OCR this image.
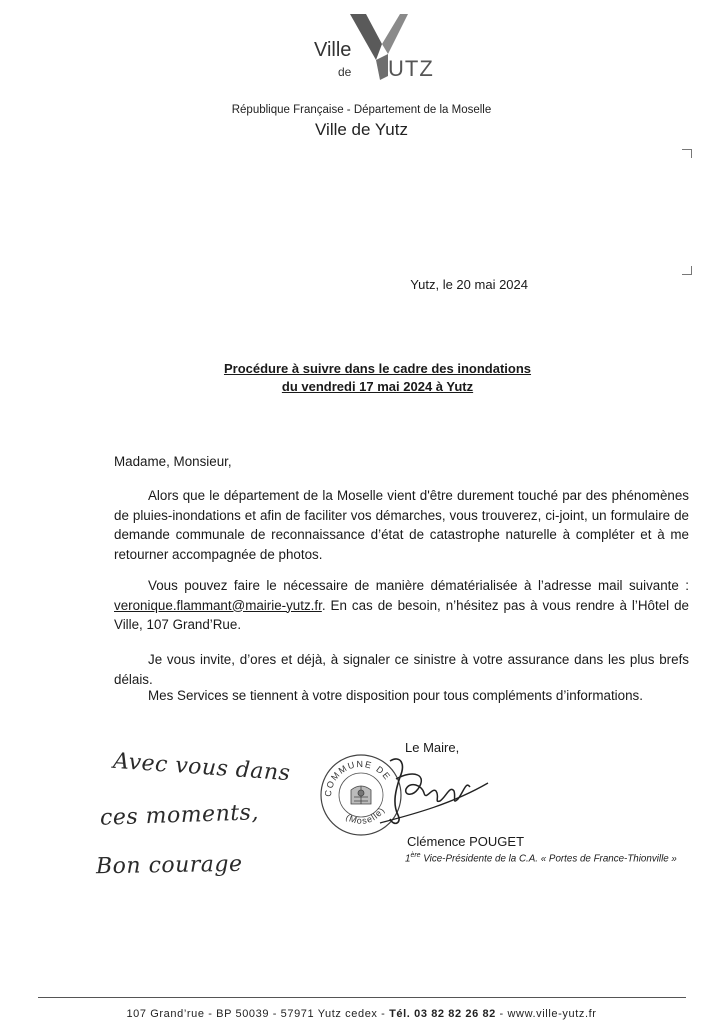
Ville
de UTZ
République Française - Département de la Moselle
Ville de Yutz
Yutz, le 20 mai 2024
Procédure à suivre dans le cadre des inondations
du vendredi 17 mai 2024 à Yutz
Madame, Monsieur,
Alors que le département de la Moselle vient d'être durement touché par des phénomènes de pluies-inondations et afin de faciliter vos démarches, vous trouverez, ci-joint, un formulaire de demande communale de reconnaissance d’état de catastrophe naturelle à compléter et à me retourner accompagnée de photos.
Vous pouvez faire le nécessaire de manière dématérialisée à l’adresse mail suivante : veronique.flammant@mairie-yutz.fr. En cas de besoin, n’hésitez pas à vous rendre à l’Hôtel de Ville, 107 Grand’Rue.
Je vous invite, d’ores et déjà, à signaler ce sinistre à votre assurance dans les plus brefs délais.
Mes Services se tiennent à votre disposition pour tous compléments d’informations.
Avec vous dans
ces moments,
Bon courage
COMMUNE DE
(Moselle)
Le Maire,
Clémence POUGET
1ère Vice-Présidente de la C.A. « Portes de France-Thionville »
107 Grand’rue - BP 50039 - 57971 Yutz cedex - Tél. 03 82 82 26 82 - www.ville-yutz.fr
